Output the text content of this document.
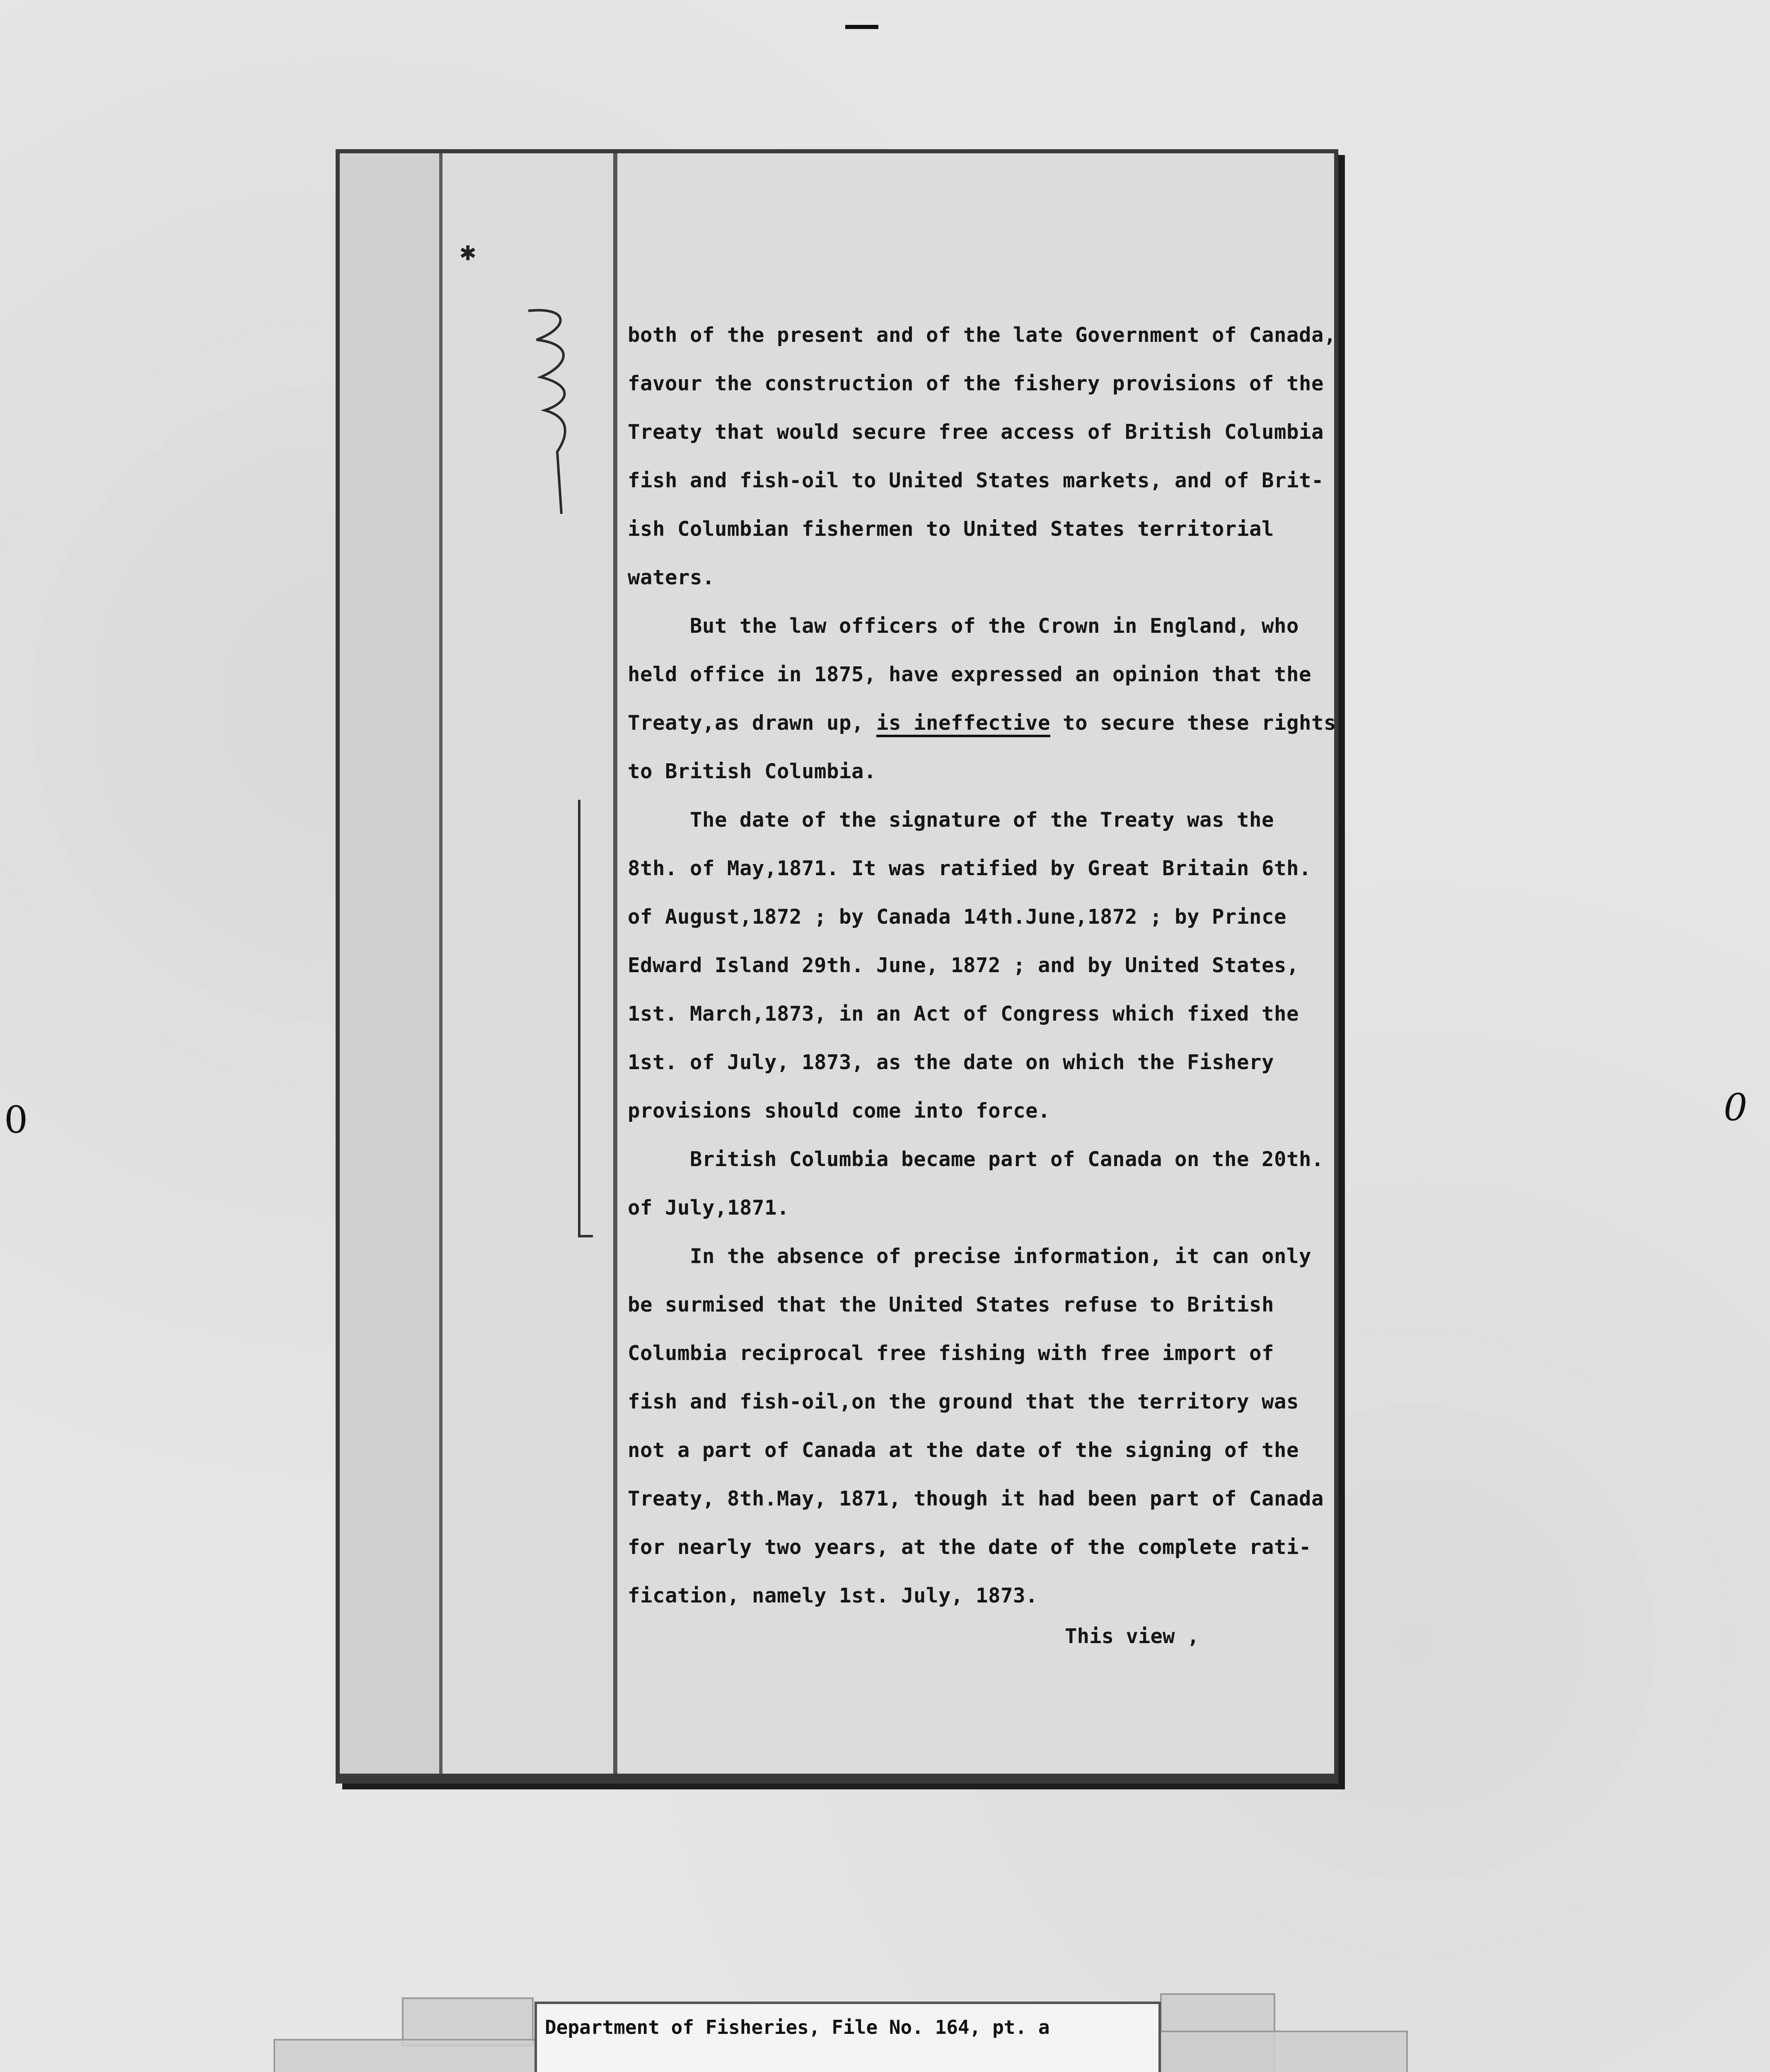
✱
both of the present and of the late Government of Canada,
favour the construction of the fishery provisions of the
Treaty that would secure free access of British Columbia
fish and fish-oil to United States markets, and of Brit-
ish Columbian fishermen to United States territorial
waters.
But the law officers of the Crown in England, who
held office in 1875, have expressed an opinion that the
Treaty,as drawn up, is ineffective to secure these rights
to British Columbia.
The date of the signature of the Treaty was the
8th. of May,1871. It was ratified by Great Britain 6th.
of August,1872 ; by Canada 14th.June,1872 ; by Prince
Edward Island 29th. June, 1872 ; and by United States,
1st. March,1873, in an Act of Congress which fixed the
1st. of July, 1873, as the date on which the Fishery
provisions should come into force.
British Columbia became part of Canada on the 20th.
of July,1871.
In the absence of precise information, it can only
be surmised that the United States refuse to British
Columbia reciprocal free fishing with free import of
fish and fish-oil,on the ground that the territory was
not a part of Canada at the date of the signing of the
Treaty, 8th.May, 1871, though it had been part of Canada
for nearly two years, at the date of the complete rati-
fication, namely 1st. July, 1873.
This view ,
0	0
Department of Fisheries, File No. 164, pt. a
